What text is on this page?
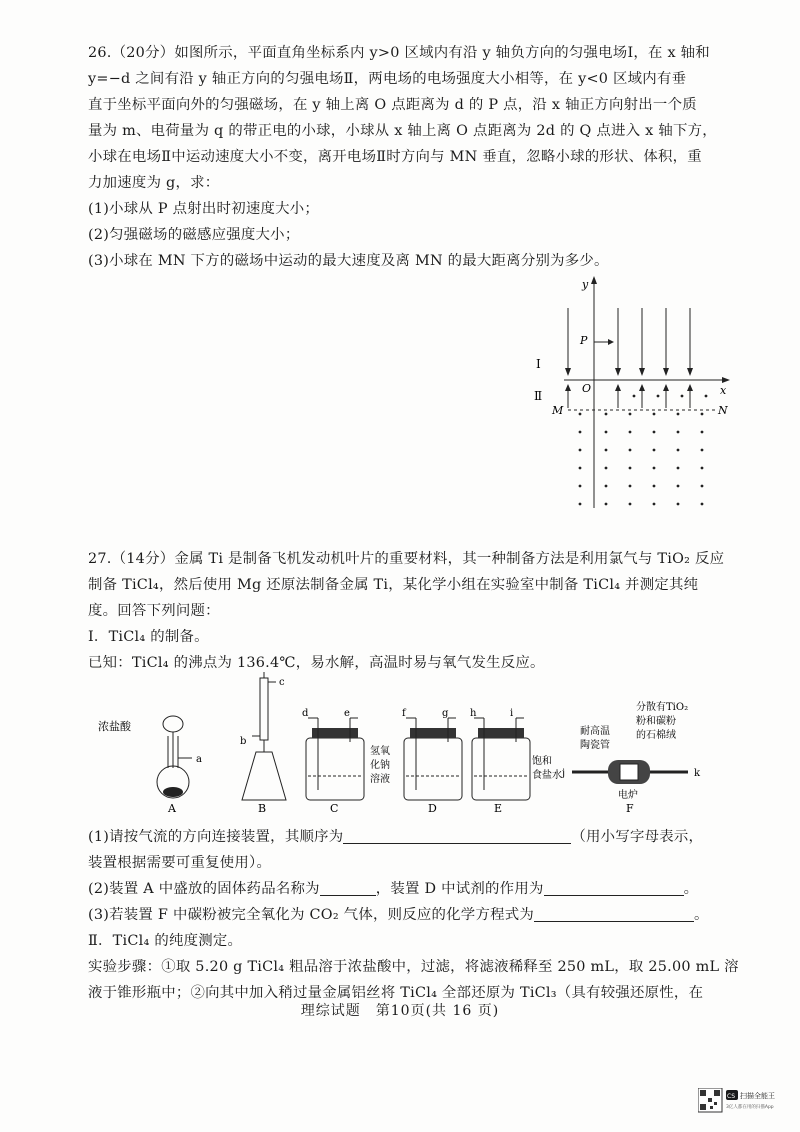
26.（20分）如图所示，平面直角坐标系内 y>0 区域内有沿 y 轴负方向的匀强电场Ⅰ，在 x 轴和
y=−d 之间有沿 y 轴正方向的匀强电场Ⅱ，两电场的电场强度大小相等，在 y<0 区域内有垂
直于坐标平面向外的匀强磁场，在 y 轴上离 O 点距离为 d 的 P 点，沿 x 轴正方向射出一个质
量为 m、电荷量为 q 的带正电的小球，小球从 x 轴上离 O 点距离为 2d 的 Q 点进入 x 轴下方，
小球在电场Ⅱ中运动速度大小不变，离开电场Ⅱ时方向与 MN 垂直，忽略小球的形状、体积，重
力加速度为 g，求：
(1)小球从 P 点射出时初速度大小；
(2)匀强磁场的磁感应强度大小；
(3)小球在 MN 下方的磁场中运动的最大速度及离 MN 的最大距离分别为多少。
y
x
O
M	N
Ⅰ
Ⅱ
P
27.（14分）金属 Ti 是制备飞机发动机叶片的重要材料，其一种制备方法是利用氯气与 TiO₂ 反应
制备 TiCl₄，然后使用 Mg 还原法制备金属 Ti，某化学小组在实验室中制备 TiCl₄ 并测定其纯
度。回答下列问题：
Ⅰ．TiCl₄ 的制备。
已知：TiCl₄ 的沸点为 136.4℃，易水解，高温时易与氧气发生反应。
浓盐酸
a
A
c
b
B
d	e
氢氧
化钠
溶液
C
f	g
D
h	i
饱和
食盐水
E
耐高温
陶瓷管
分散有TiO₂
粉和碳粉
的石棉绒
j	k
电炉
F
(1)请按气流的方向连接装置，其顺序为	（用小写字母表示，
装置根据需要可重复使用）。
(2)装置 A 中盛放的固体药品名称为	，装置 D 中试剂的作用为	。
(3)若装置 F 中碳粉被完全氧化为 CO₂ 气体，则反应的化学方程式为	。
Ⅱ．TiCl₄ 的纯度测定。
实验步骤：①取 5.20 g TiCl₄ 粗品溶于浓盐酸中，过滤，将滤液稀释至 250 mL，取 25.00 mL 溶
液于锥形瓶中；②向其中加入稍过量金属铝丝将 TiCl₄ 全部还原为 TiCl₃（具有较强还原性，在
理综试题　第10页(共 16 页)
CS 扫描全能王
3亿人都在用的扫描App
